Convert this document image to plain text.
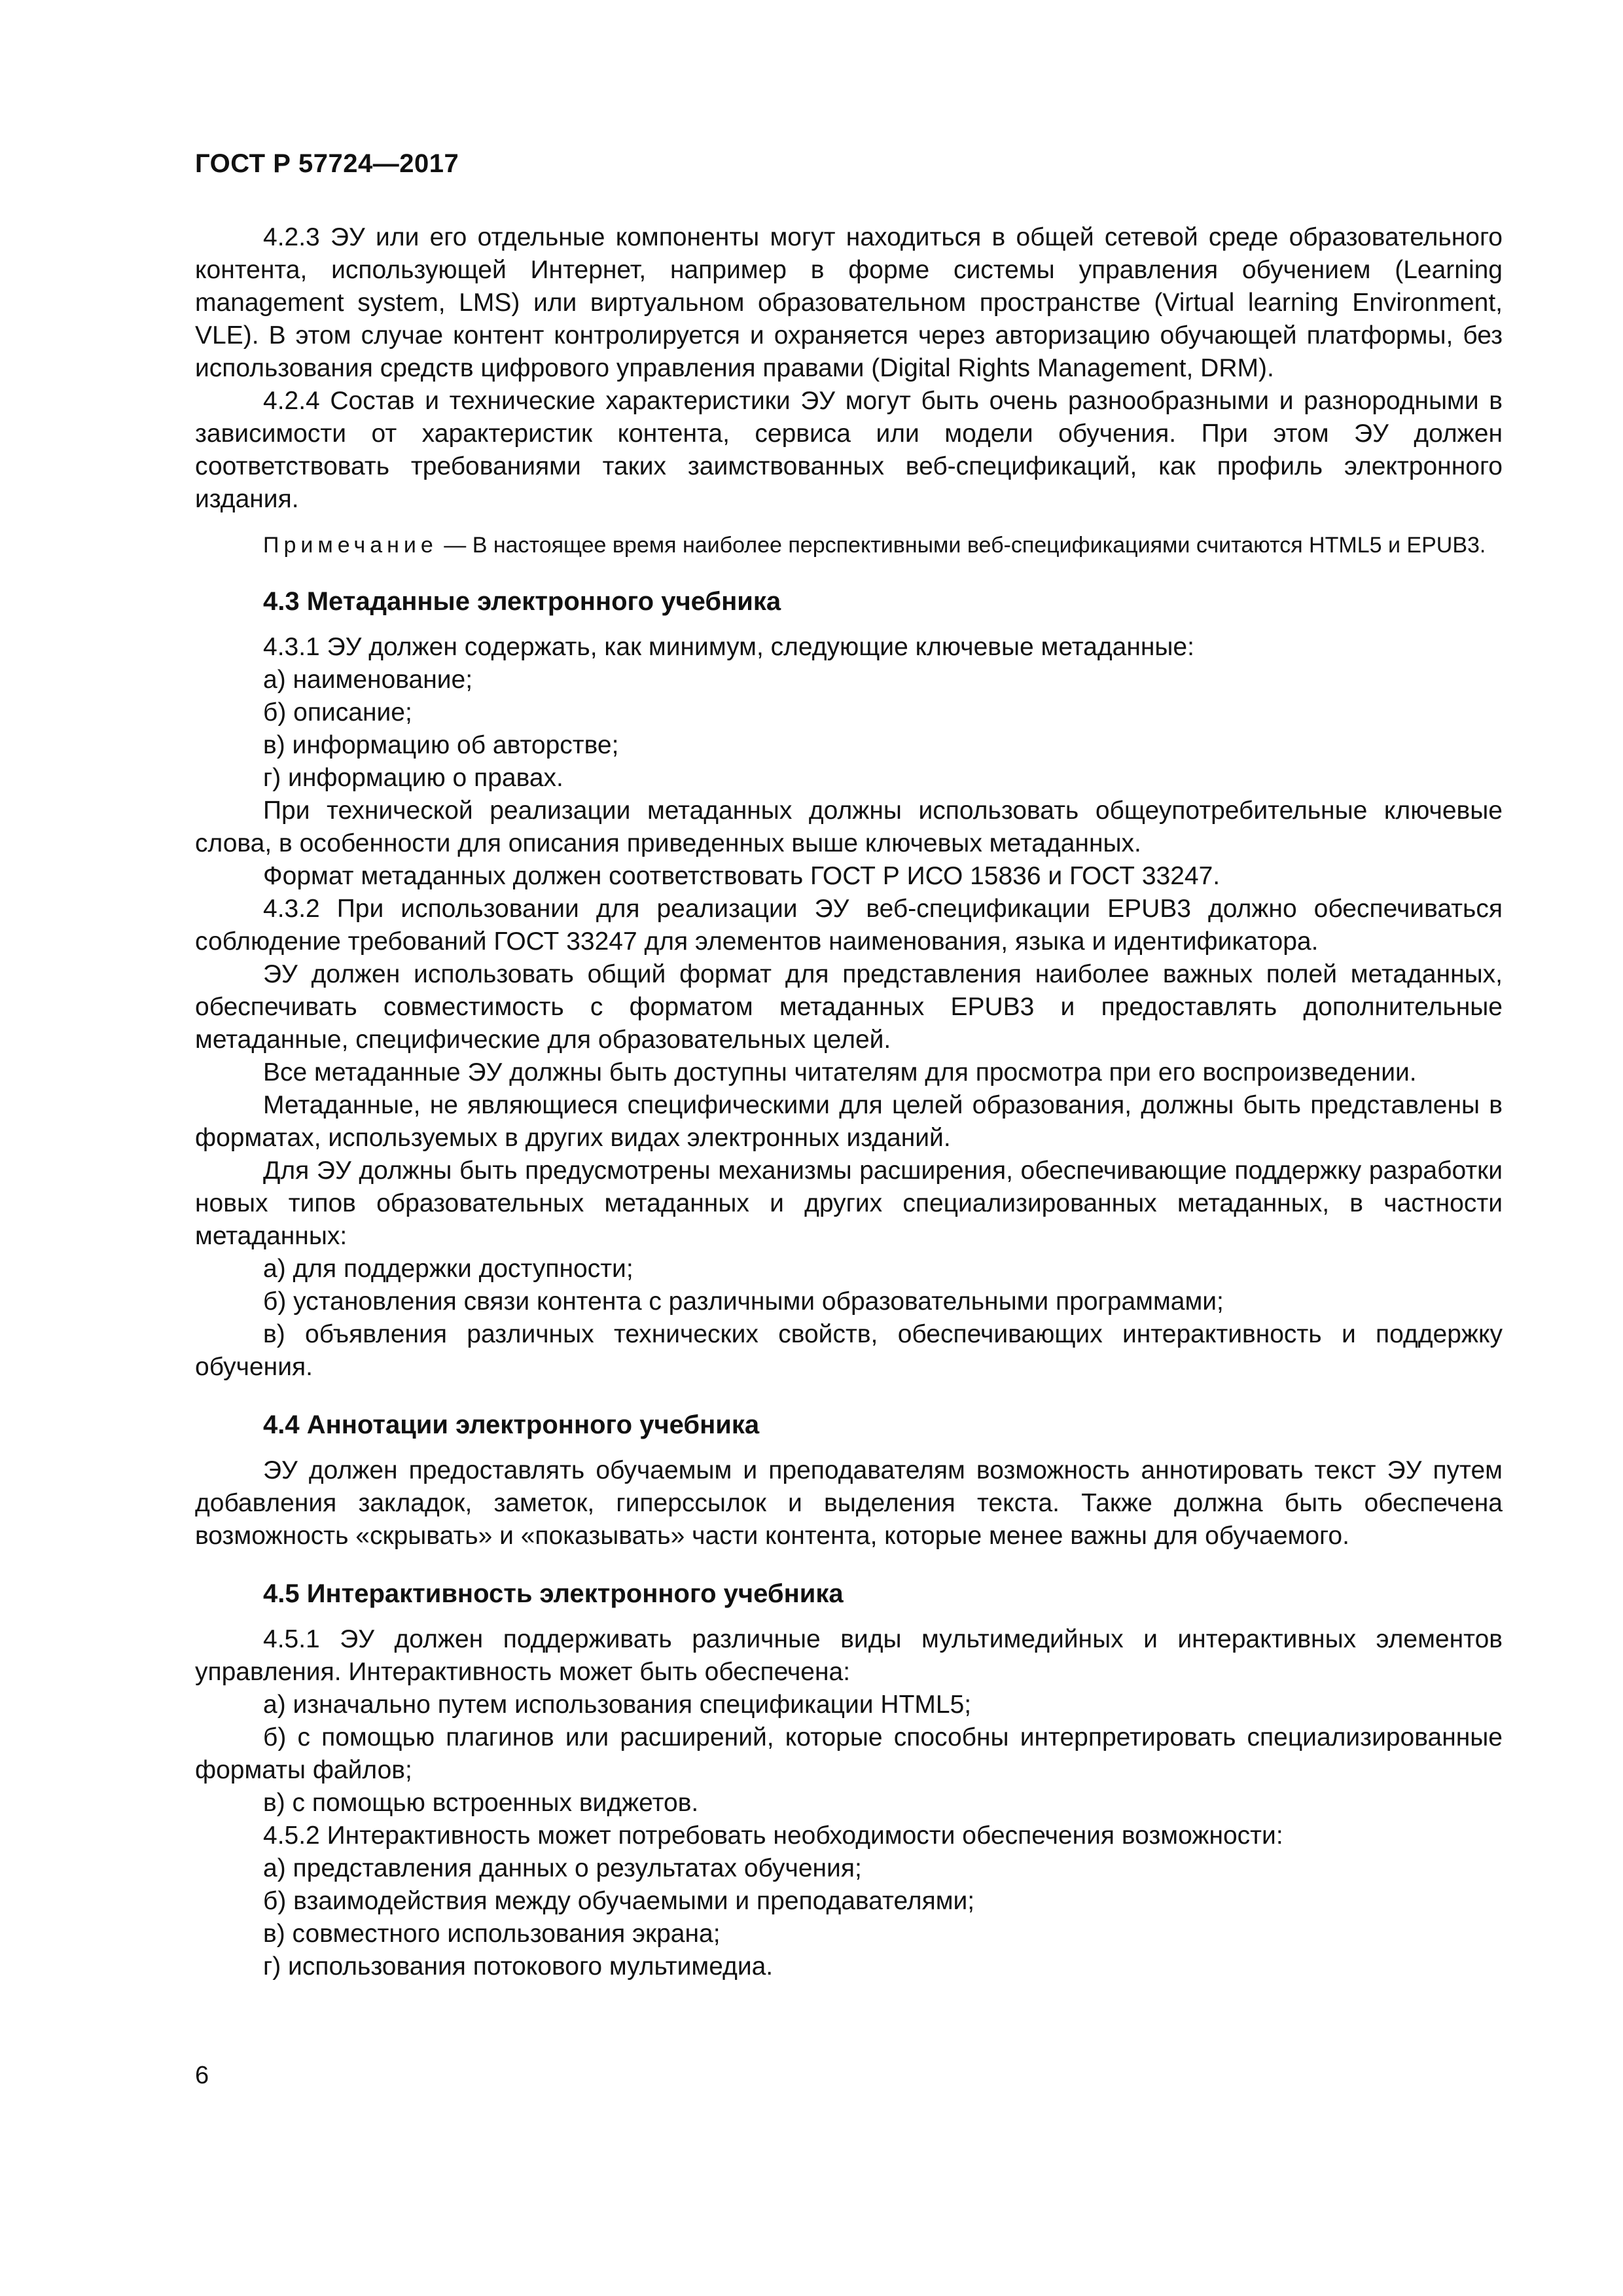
ГОСТ Р 57724—2017

4.2.3 ЭУ или его отдельные компоненты могут находиться в общей сетевой среде образовательного контента, использующей Интернет, например в форме системы управления обучением (Learning management system, LMS) или виртуальном образовательном пространстве (Virtual learning Environment, VLE). В этом случае контент контролируется и охраняется через авторизацию обучающей платформы, без использования средств цифрового управления правами (Digital Rights Management, DRM).

4.2.4 Состав и технические характеристики ЭУ могут быть очень разнообразными и разнородными в зависимости от характеристик контента, сервиса или модели обучения. При этом ЭУ должен соответствовать требованиями таких заимствованных веб-спецификаций, как профиль электронного издания.

Примечание — В настоящее время наиболее перспективными веб-спецификациями считаются HTML5 и EPUB3.

4.3 Метаданные электронного учебника

4.3.1 ЭУ должен содержать, как минимум, следующие ключевые метаданные:

а) наименование;

б) описание;

в) информацию об авторстве;

г) информацию о правах.

При технической реализации метаданных должны использовать общеупотребительные ключевые слова, в особенности для описания приведенных выше ключевых метаданных.

Формат метаданных должен соответствовать ГОСТ Р ИСО 15836 и ГОСТ 33247.

4.3.2 При использовании для реализации ЭУ веб-спецификации EPUB3 должно обеспечиваться соблюдение требований ГОСТ 33247 для элементов наименования, языка и идентификатора.

ЭУ должен использовать общий формат для представления наиболее важных полей метаданных, обеспечивать совместимость с форматом метаданных EPUB3 и предоставлять дополнительные метаданные, специфические для образовательных целей.

Все метаданные ЭУ должны быть доступны читателям для просмотра при его воспроизведении.

Метаданные, не являющиеся специфическими для целей образования, должны быть представлены в форматах, используемых в других видах электронных изданий.

Для ЭУ должны быть предусмотрены механизмы расширения, обеспечивающие поддержку разработки новых типов образовательных метаданных и других специализированных метаданных, в частности метаданных:

а) для поддержки доступности;

б) установления связи контента с различными образовательными программами;

в) объявления различных технических свойств, обеспечивающих интерактивность и поддержку обучения.

4.4 Аннотации электронного учебника

ЭУ должен предоставлять обучаемым и преподавателям возможность аннотировать текст ЭУ путем добавления закладок, заметок, гиперссылок и выделения текста. Также должна быть обеспечена возможность «скрывать» и «показывать» части контента, которые менее важны для обучаемого.

4.5 Интерактивность электронного учебника

4.5.1 ЭУ должен поддерживать различные виды мультимедийных и интерактивных элементов управления. Интерактивность может быть обеспечена:

а) изначально путем использования спецификации HTML5;

б) с помощью плагинов или расширений, которые способны интерпретировать специализированные форматы файлов;

в) с помощью встроенных виджетов.

4.5.2 Интерактивность может потребовать необходимости обеспечения возможности:

а) представления данных о результатах обучения;

б) взаимодействия между обучаемыми и преподавателями;

в) совместного использования экрана;

г) использования потокового мультимедиа.

6
